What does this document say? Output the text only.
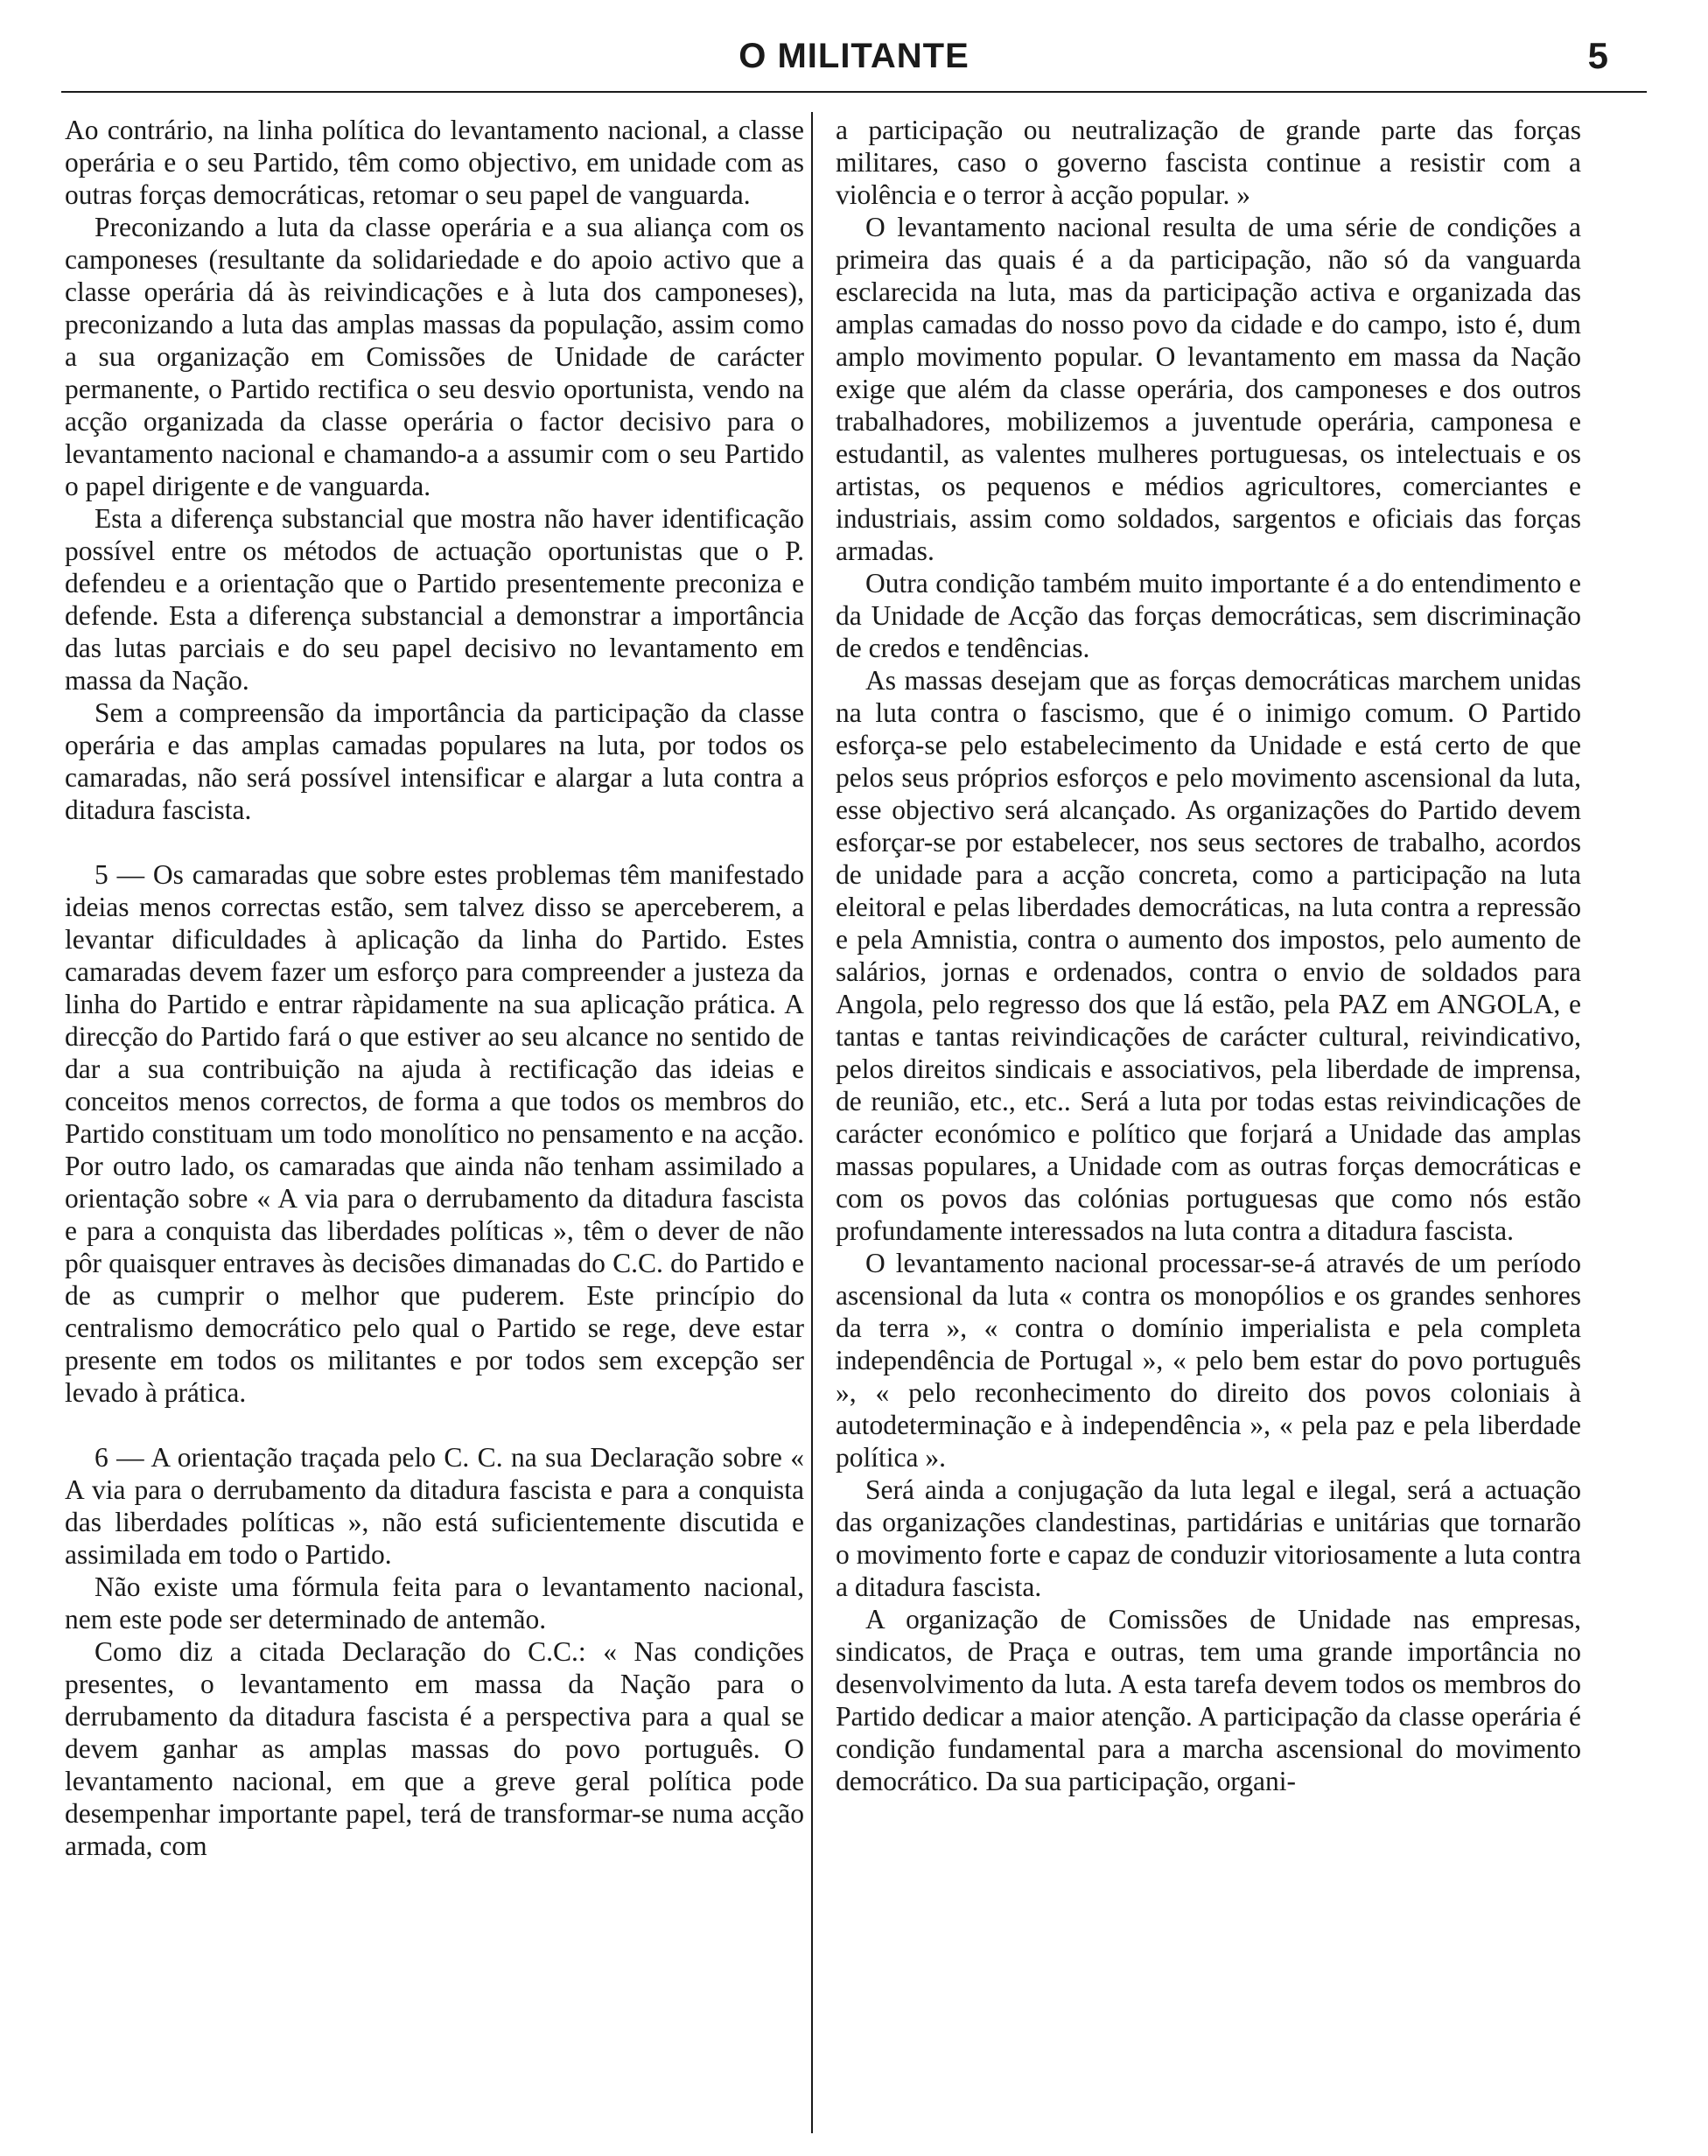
O MILITANTE	5

Ao contrário, na linha política do levantamento nacional, a classe operária e o seu Partido, têm como objectivo, em unidade com as outras forças democráticas, retomar o seu papel de vanguarda.

Preconizando a luta da classe operária e a sua aliança com os camponeses (resultante da solidariedade e do apoio activo que a classe operária dá às reivindicações e à luta dos camponeses), preconizando a luta das amplas massas da população, assim como a sua organização em Comissões de Unidade de carácter permanente, o Partido rectifica o seu desvio oportunista, vendo na acção organizada da classe operária o factor decisivo para o levantamento nacional e chamando-a a assumir com o seu Partido o papel dirigente e de vanguarda.

Esta a diferença substancial que mostra não haver identificação possível entre os métodos de actuação oportunistas que o P. defendeu e a orientação que o Partido presentemente preconiza e defende. Esta a diferença substancial a demonstrar a importância das lutas parciais e do seu papel decisivo no levantamento em massa da Nação.

Sem a compreensão da importância da participação da classe operária e das amplas camadas populares na luta, por todos os camaradas, não será possível intensificar e alargar a luta contra a ditadura fascista.

5 — Os camaradas que sobre estes problemas têm manifestado ideias menos correctas estão, sem talvez disso se aperceberem, a levantar dificuldades à aplicação da linha do Partido. Estes camaradas devem fazer um esforço para compreender a justeza da linha do Partido e entrar ràpidamente na sua aplicação prática. A direcção do Partido fará o que estiver ao seu alcance no sentido de dar a sua contribuição na ajuda à rectificação das ideias e conceitos menos correctos, de forma a que todos os membros do Partido constituam um todo monolítico no pensamento e na acção. Por outro lado, os camaradas que ainda não tenham assimilado a orientação sobre « A via para o derrubamento da ditadura fascista e para a conquista das liberdades políticas », têm o dever de não pôr quaisquer entraves às decisões dimanadas do C.C. do Partido e de as cumprir o melhor que puderem. Este princípio do centralismo democrático pelo qual o Partido se rege, deve estar presente em todos os militantes e por todos sem excepção ser levado à prática.

6 — A orientação traçada pelo C. C. na sua Declaração sobre « A via para o derrubamento da ditadura fascista e para a conquista das liberdades políticas », não está suficientemente discutida e assimilada em todo o Partido.

Não existe uma fórmula feita para o levantamento nacional, nem este pode ser determinado de antemão.

Como diz a citada Declaração do C.C.: « Nas condições presentes, o levantamento em massa da Nação para o derrubamento da ditadura fascista é a perspectiva para a qual se devem ganhar as amplas massas do povo português. O levantamento nacional, em que a greve geral política pode desempenhar importante papel, terá de transformar-se numa acção armada, com

a participação ou neutralização de grande parte das forças militares, caso o governo fascista continue a resistir com a violência e o terror à acção popular. »

O levantamento nacional resulta de uma série de condições a primeira das quais é a da participação, não só da vanguarda esclarecida na luta, mas da participação activa e organizada das amplas camadas do nosso povo da cidade e do campo, isto é, dum amplo movimento popular. O levantamento em massa da Nação exige que além da classe operária, dos camponeses e dos outros trabalhadores, mobilizemos a juventude operária, camponesa e estudantil, as valentes mulheres portuguesas, os intelectuais e os artistas, os pequenos e médios agricultores, comerciantes e industriais, assim como soldados, sargentos e oficiais das forças armadas.

Outra condição também muito importante é a do entendimento e da Unidade de Acção das forças democráticas, sem discriminação de credos e tendências.

As massas desejam que as forças democráticas marchem unidas na luta contra o fascismo, que é o inimigo comum. O Partido esforça-se pelo estabelecimento da Unidade e está certo de que pelos seus próprios esforços e pelo movimento ascensional da luta, esse objectivo será alcançado. As organizações do Partido devem esforçar-se por estabelecer, nos seus sectores de trabalho, acordos de unidade para a acção concreta, como a participação na luta eleitoral e pelas liberdades democráticas, na luta contra a repressão e pela Amnistia, contra o aumento dos impostos, pelo aumento de salários, jornas e ordenados, contra o envio de soldados para Angola, pelo regresso dos que lá estão, pela PAZ em ANGOLA, e tantas e tantas reivindicações de carácter cultural, reivindicativo, pelos direitos sindicais e associativos, pela liberdade de imprensa, de reunião, etc., etc.. Será a luta por todas estas reivindicações de carácter económico e político que forjará a Unidade das amplas massas populares, a Unidade com as outras forças democráticas e com os povos das colónias portuguesas que como nós estão profundamente interessados na luta contra a ditadura fascista.

O levantamento nacional processar-se-á através de um período ascensional da luta « contra os monopólios e os grandes senhores da terra », « contra o domínio imperialista e pela completa independência de Portugal », « pelo bem estar do povo português », « pelo reconhecimento do direito dos povos coloniais à autodeterminação e à independência », « pela paz e pela liberdade política ».

Será ainda a conjugação da luta legal e ilegal, será a actuação das organizações clandestinas, partidárias e unitárias que tornarão o movimento forte e capaz de conduzir vitoriosamente a luta contra a ditadura fascista.

A organização de Comissões de Unidade nas empresas, sindicatos, de Praça e outras, tem uma grande importância no desenvolvimento da luta. A esta tarefa devem todos os membros do Partido dedicar a maior atenção. A participação da classe operária é condição fundamental para a marcha ascensional do movimento democrático. Da sua participação, organi-
